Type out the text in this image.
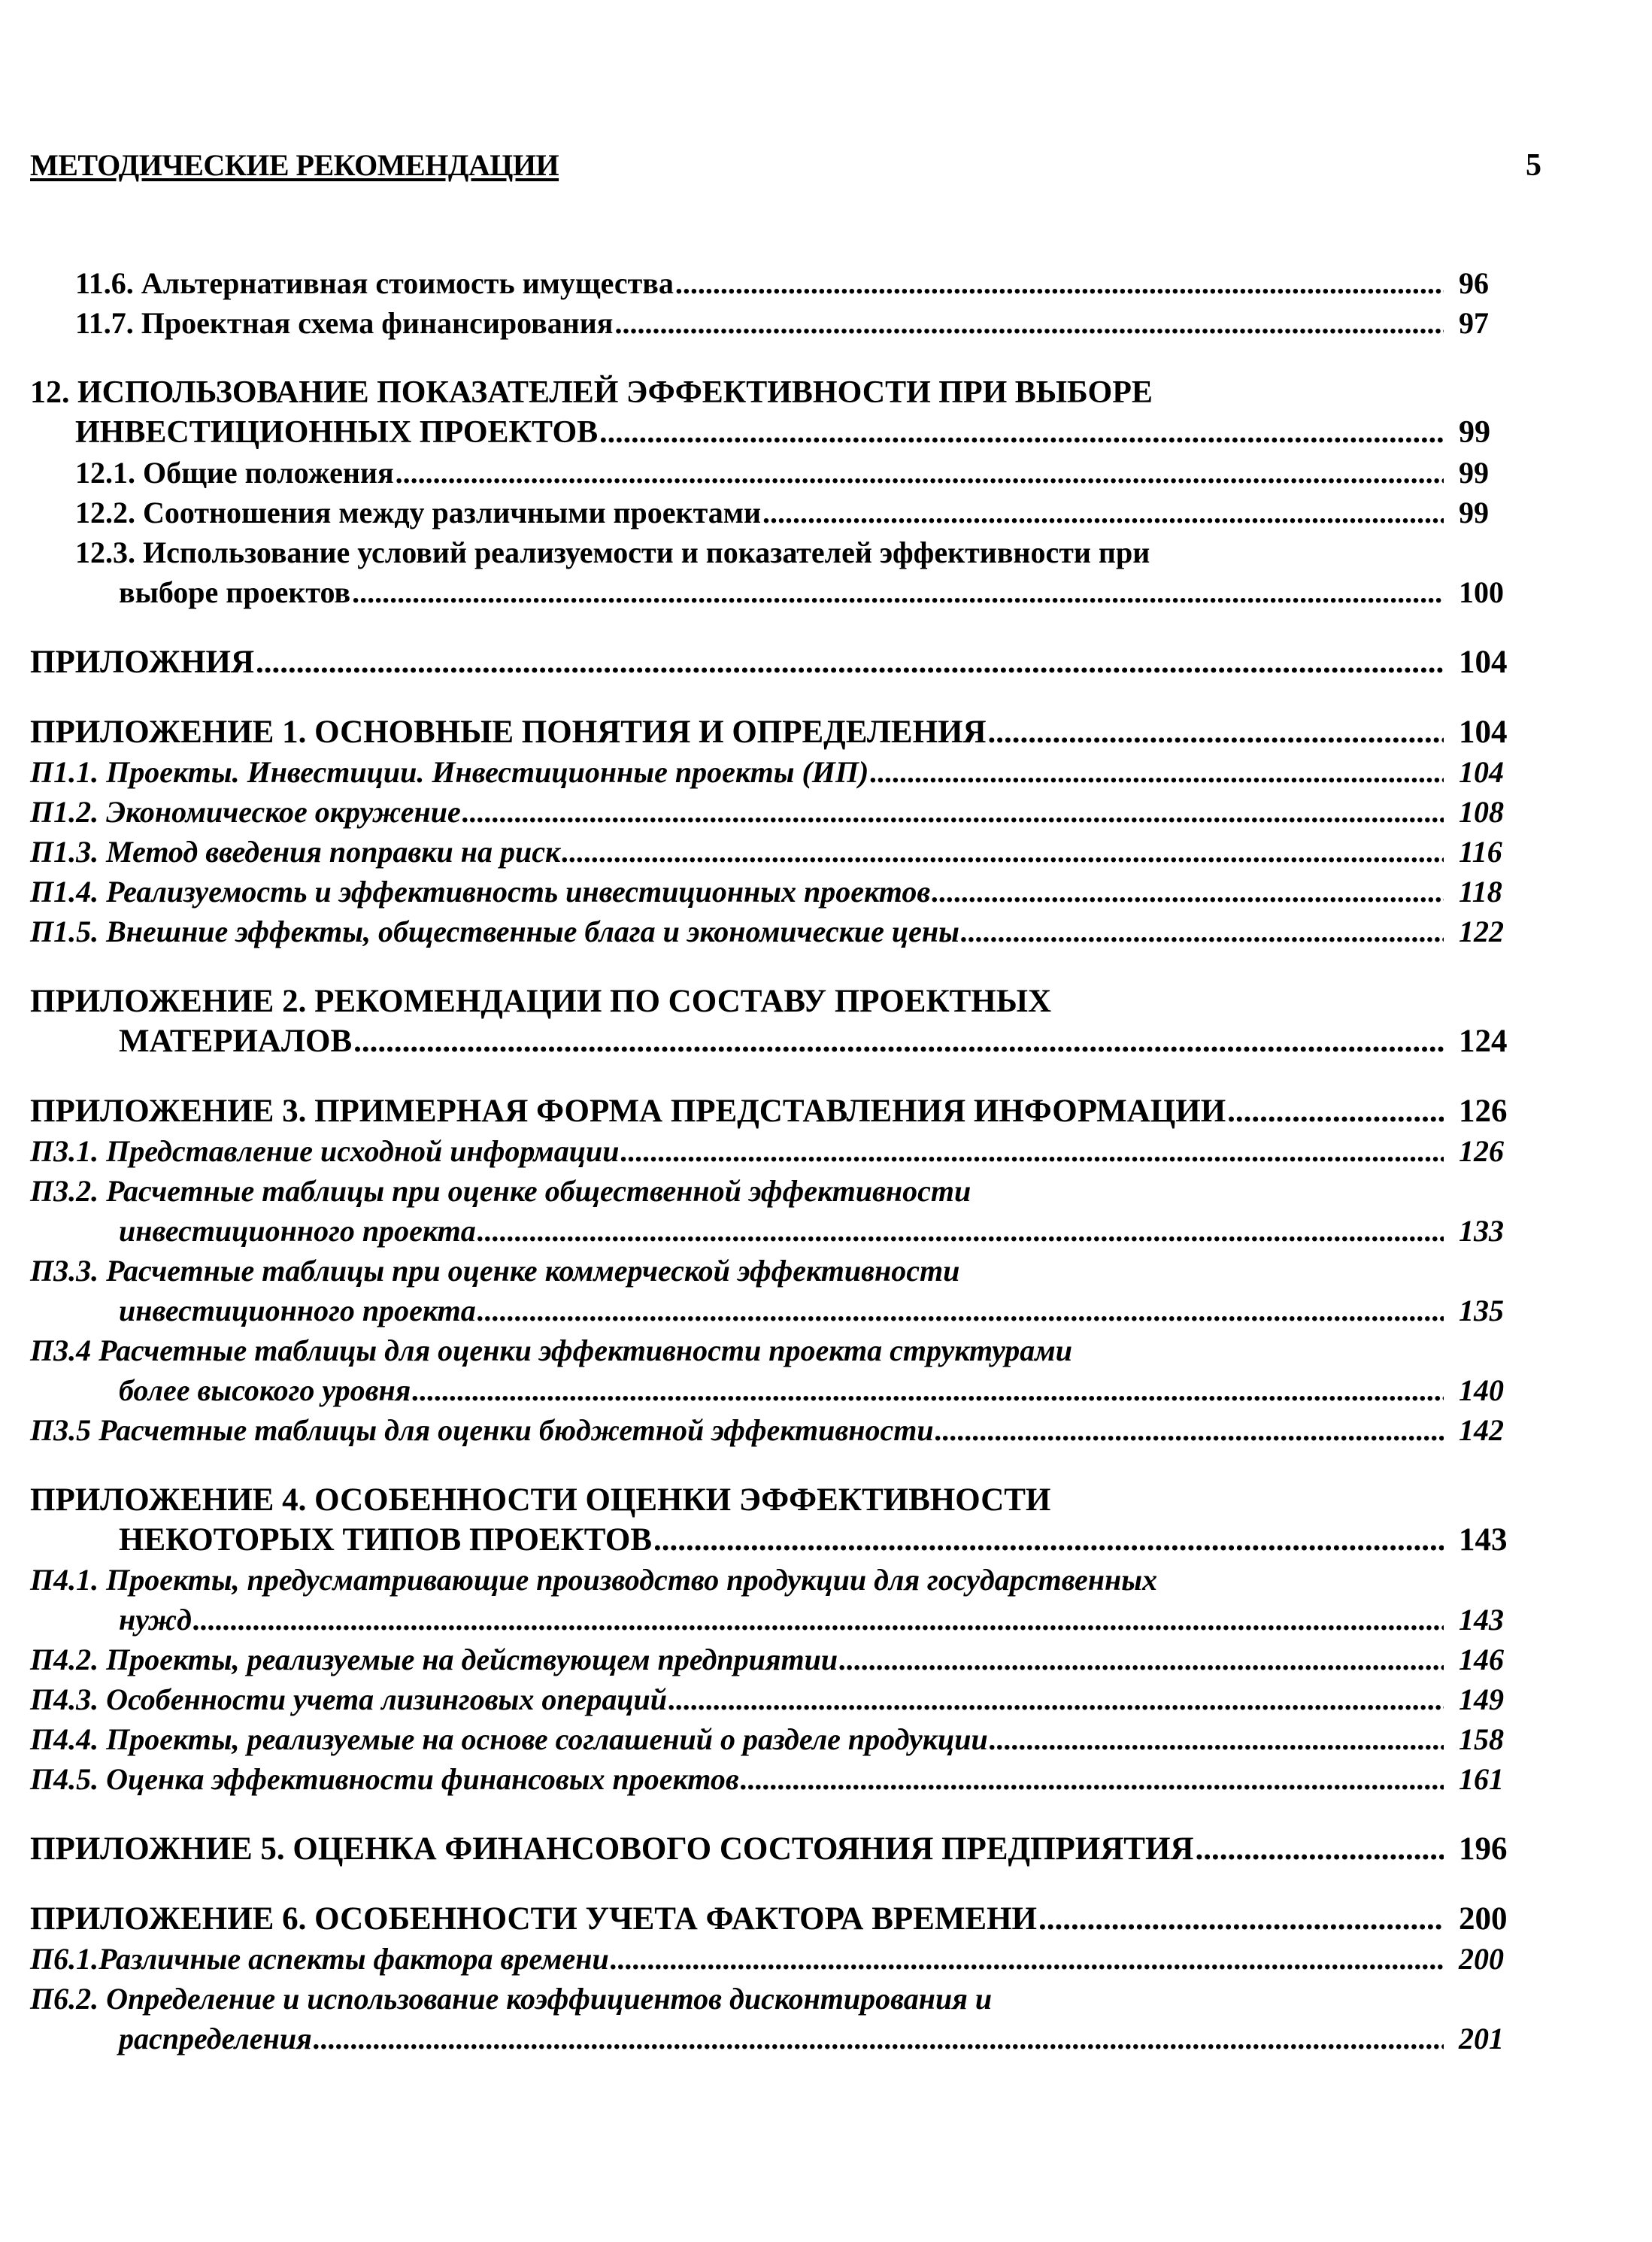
МЕТОДИЧЕСКИЕ РЕКОМЕНДАЦИИ	5
11.6. Альтернативная стоимость имущества .....	96
11.7. Проектная схема финансирования .....	97
12. ИСПОЛЬЗОВАНИЕ ПОКАЗАТЕЛЕЙ ЭФФЕКТИВНОСТИ ПРИ ВЫБОРЕ
ИНВЕСТИЦИОННЫХ ПРОЕКТОВ .....	99
12.1. Общие положения .....	99
12.2. Соотношения между различными проектами .....	99
12.3. Использование условий реализуемости и показателей эффективности при
выборе проектов .....	100
ПРИЛОЖНИЯ .....	104
ПРИЛОЖЕНИЕ 1. ОСНОВНЫЕ ПОНЯТИЯ И ОПРЕДЕЛЕНИЯ .....	104
П1.1. Проекты. Инвестиции. Инвестиционные проекты (ИП) .....	104
П1.2. Экономическое окружение .....	108
П1.3. Метод введения поправки на риск .....	116
П1.4. Реализуемость и эффективность инвестиционных проектов .....	118
П1.5. Внешние эффекты, общественные блага и экономические цены .....	122
ПРИЛОЖЕНИЕ 2. РЕКОМЕНДАЦИИ ПО СОСТАВУ ПРОЕКТНЫХ
МАТЕРИАЛОВ .....	124
ПРИЛОЖЕНИЕ 3. ПРИМЕРНАЯ ФОРМА ПРЕДСТАВЛЕНИЯ ИНФОРМАЦИИ .....	126
П3.1. Представление исходной информации .....	126
П3.2. Расчетные таблицы при оценке общественной эффективности
инвестиционного проекта .....	133
П3.3. Расчетные таблицы при оценке коммерческой эффективности
инвестиционного проекта .....	135
П3.4 Расчетные таблицы для оценки эффективности проекта структурами
более высокого уровня .....	140
П3.5 Расчетные таблицы для оценки бюджетной эффективности .....	142
ПРИЛОЖЕНИЕ 4. ОСОБЕННОСТИ ОЦЕНКИ ЭФФЕКТИВНОСТИ
НЕКОТОРЫХ ТИПОВ ПРОЕКТОВ .....	143
П4.1. Проекты, предусматривающие производство продукции для государственных
нужд .....	143
П4.2. Проекты, реализуемые на действующем предприятии .....	146
П4.3. Особенности учета лизинговых операций .....	149
П4.4. Проекты, реализуемые на основе соглашений о разделе продукции .....	158
П4.5. Оценка эффективности финансовых проектов .....	161
ПРИЛОЖНИЕ 5. ОЦЕНКА ФИНАНСОВОГО СОСТОЯНИЯ ПРЕДПРИЯТИЯ .....	196
ПРИЛОЖЕНИЕ 6. ОСОБЕННОСТИ УЧЕТА ФАКТОРА ВРЕМЕНИ .....	200
П6.1.Различные аспекты фактора времени .....	200
П6.2. Определение и использование коэффициентов дисконтирования и
распределения .....	201
